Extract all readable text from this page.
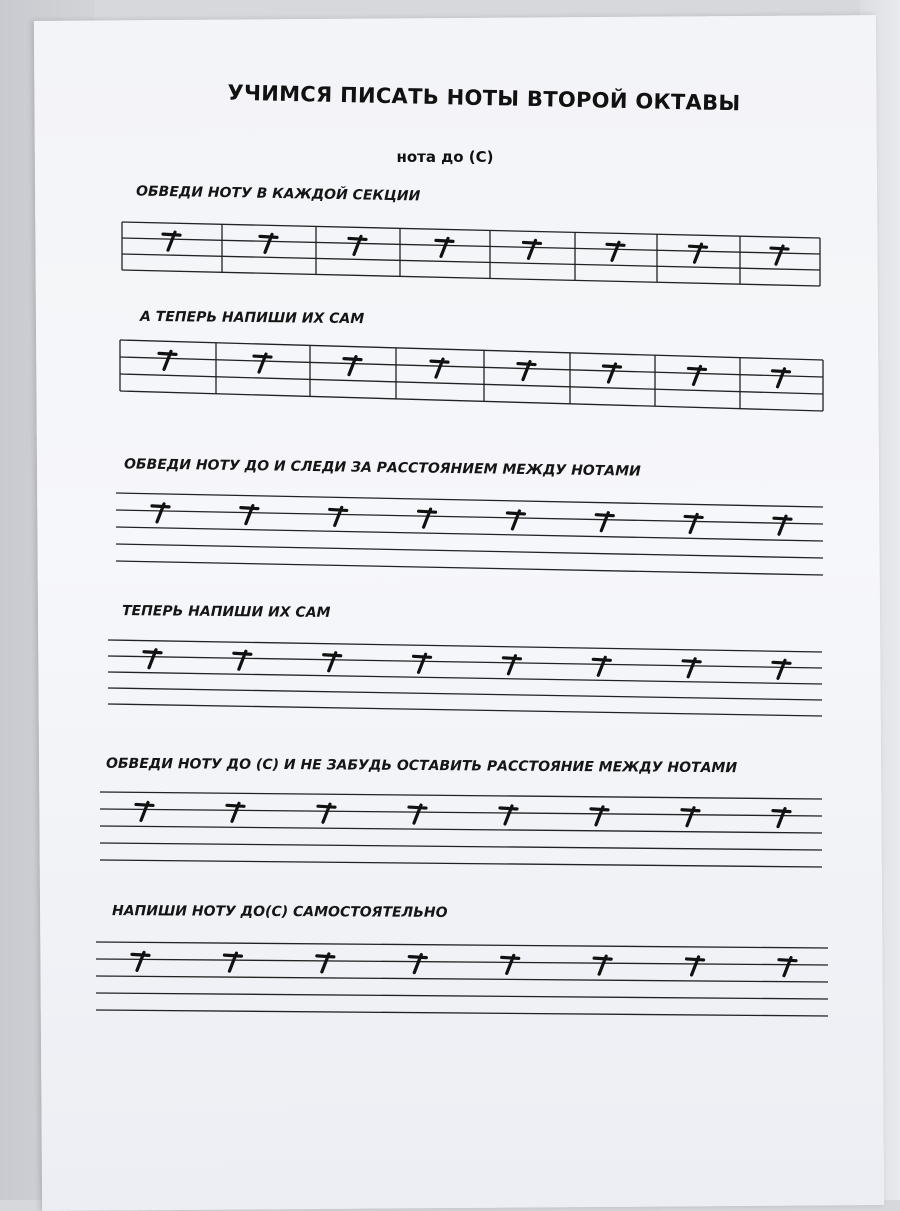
УЧИМСЯ ПИСАТЬ НОТЫ ВТОРОЙ ОКТАВЫ
нота до (С)

ОБВЕДИ НОТУ В КАЖДОЙ СЕКЦИИ

А ТЕПЕРЬ НАПИШИ ИХ САМ

ОБВЕДИ НОТУ ДО И СЛЕДИ ЗА РАССТОЯНИЕМ МЕЖДУ НОТАМИ

ТЕПЕРЬ НАПИШИ ИХ САМ

ОБВЕДИ НОТУ ДО (С) И НЕ ЗАБУДЬ ОСТАВИТЬ РАССТОЯНИЕ МЕЖДУ НОТАМИ

НАПИШИ НОТУ ДО(С) САМОСТОЯТЕЛЬНО
